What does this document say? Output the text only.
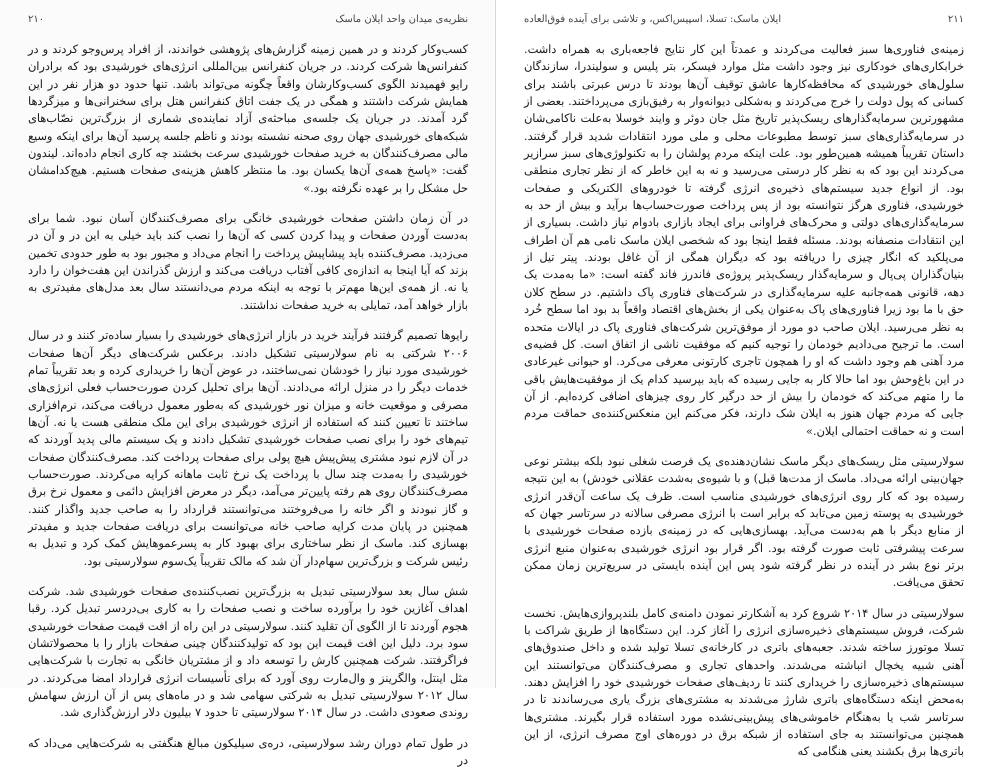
نظریه‌ی میدان واحد ایلان ماسک
۲۱۰

کسب‌وکار کردند و در همین زمینه گزارش‌های پژوهشی خواندند، از افراد پرس‌وجو کردند و در کنفرانس‌ها شرکت کردند. در جریان کنفرانس بین‌المللی انرژی‌های خورشیدی بود که برادران رایو فهمیدند الگوی کسب‌وکارشان واقعاً چگونه می‌تواند باشد. تنها حدود دو هزار نفر در این همایش شرکت داشتند و همگی در یک جفت اتاق کنفرانس هتل برای سخنرانی‌ها و میزگردها گرد آمدند. در جریان یک جلسه‌ی مباحثه‌ی آزاد نماینده‌ی شماری از بزرگ‌ترین نصّاب‌های شبکه‌های خورشیدی جهان روی صحنه نشسته بودند و ناظم جلسه پرسید آن‌ها برای اینکه وسیع مالی مصرف‌کنندگان به خرید صفحات خورشیدی سرعت بخشند چه کاری انجام داده‌اند. لیندون گفت: «پاسخ همه‌ی آن‌ها یکسان بود. ما منتظر کاهش هزینه‌ی صفحات هستیم. هیچ‌کدامشان حل مشکل را بر عهده نگرفته بود.»

در آن زمان داشتن صفحات خورشیدی خانگی برای مصرف‌کنندگان آسان نبود. شما برای به‌دست آوردن صفحات و پیدا کردن کسی که آن‌ها را نصب کند باید خیلی به این در و آن در می‌زدید. مصرف‌کننده باید پیشاپیش پرداخت را انجام می‌داد و مجبور بود به طور حدودی تخمین بزند که آیا اینجا به اندازه‌ی کافی آفتاب دریافت می‌کند و ارزش گذراندن این هفت‌خوان را دارد یا نه. از همه‌ی این‌ها مهم‌تر با توجه به اینکه مردم می‌دانستند سال بعد مدل‌های مفیدتری به بازار خواهد آمد، تمایلی به خرید صفحات نداشتند.

رایوها تصمیم گرفتند فرآیند خرید در بازار انرژی‌های خورشیدی را بسیار ساده‌تر کنند و در سال ۲۰۰۶ شرکتی به نام سولارسیتی تشکیل دادند. برعکس شرکت‌های دیگر آن‌ها صفحات خورشیدی مورد نیاز را خودشان نمی‌ساختند، در عوض آن‌ها را خریداری کرده و بعد تقریباً تمام خدمات دیگر را در منزل ارائه می‌دادند. آن‌ها برای تحلیل کردن صورت‌حساب فعلی انرژی‌های مصرفی و موقعیت خانه و میزان نور خورشیدی که به‌طور معمول دریافت می‌کند، نرم‌افزاری ساختند تا تعیین کنند که استفاده از انرژی خورشیدی برای این ملک منطقی هست یا نه. آن‌ها تیم‌های خود را برای نصب صفحات خورشیدی تشکیل دادند و یک سیستم مالی پدید آوردند که در آن لازم نبود مشتری پیش‌پیش هیچ پولی برای صفحات پرداخت کند. مصرف‌کنندگان صفحات خورشیدی را به‌مدت چند سال با پرداخت یک نرخ ثابت ماهانه کرایه می‌کردند. صورت‌حساب مصرف‌کنندگان روی هم رفته پایین‌تر می‌آمد، دیگر در معرض افزایش دائمی و معمول نرخ برق و گاز نبودند و اگر خانه را می‌فروختند می‌توانستند قرارداد را به صاحب جدید واگذار کنند. همچنین در پایان مدت کرایه صاحب خانه می‌توانست برای دریافت صفحات جدید و مفیدتر بهسازی کند. ماسک از نظر ساختاری برای بهبود کار به پسرعموهایش کمک کرد و تبدیل به رئیس شرکت و بزرگ‌ترین سهام‌دار آن شد که مالک تقریباً یک‌سوم سولارسیتی بود.

شش سال بعد سولارسیتی تبدیل به بزرگ‌ترین نصب‌کننده‌ی صفحات خورشیدی شد. شرکت اهداف آغازین خود را برآورده ساخت و نصب صفحات را به کاری بی‌دردسر تبدیل کرد. رقبا هجوم آوردند تا از الگوی آن تقلید کنند. سولارسیتی در این راه از افت قیمت صفحات خورشیدی سود برد. دلیل این افت قیمت این بود که تولیدکنندگان چینی صفحات بازار را با محصولاتشان فراگرفتند. شرکت همچنین کارش را توسعه داد و از مشتریان خانگی به تجارت با شرکت‌هایی مثل اینتل، والگرینز و وال‌مارت روی آورد که برای تأسیسات انرژی قرارداد امضا می‌کردند. در سال ۲۰۱۲ سولارسیتی تبدیل به شرکتی سهامی شد و در ماه‌های پس از آن ارزش سهامش روندی صعودی داشت. در سال ۲۰۱۴ سولارسیتی تا حدود ۷ بیلیون دلار ارزش‌گذاری شد.

در طول تمام دوران رشد سولارسیتی، دره‌ی سیلیکون مبالغ هنگفتی به شرکت‌هایی می‌داد که در

۲۱۱
ایلان ماسک: تسلا، اسپیس‌اکس، و تلاشی برای آینده فوق‌العاده

زمینه‌ی فناوری‌ها سبز فعالیت می‌کردند و عمدتاً این کار نتایج فاجعه‌باری به همراه داشت. خرابکاری‌های خودکاری نیز وجود داشت مثل موارد فیسکر، بتر پلیس و سولیندرا، سازندگان سلول‌های خورشیدی که محافظه‌کارها عاشق توقیف آن‌ها بودند تا درس عبرتی باشند برای کسانی که پول دولت را خرج می‌کردند و به‌شکلی دیوانه‌وار به رفیق‌بازی می‌پرداختند. بعضی از مشهورترین سرمایه‌گذارهای ریسک‌پذیر تاریخ مثل جان دوئر و وایند خوسلا به‌علت ناکامی‌شان در سرمایه‌گذاری‌های سبز توسط مطبوعات محلی و ملی مورد انتقادات شدید قرار گرفتند. داستان تقریباً همیشه همین‌طور بود. علت اینکه مردم پولشان را به تکنولوژی‌های سبز سرازیر می‌کردند این بود که به نظر کار درستی می‌رسید و نه به این خاطر که از نظر تجاری منطقی بود. از انواع جدید سیستم‌های ذخیره‌ی انرژی گرفته تا خودروهای الکتریکی و صفحات خورشیدی، فناوری هرگز نتوانسته بود از پس پرداخت صورت‌حساب‌ها برآید و بیش از حد به سرمایه‌گذاری‌های دولتی و محرک‌های فراوانی برای ایجاد بازاری بادوام نیاز داشت. بسیاری از این انتقادات منصفانه بودند. مسئله فقط اینجا بود که شخصی ایلان ماسک نامی هم آن اطراف می‌پلکید که انگار چیزی را دریافته بود که دیگران همگی از آن غافل بودند. پیتر تیل از بنیان‌گذاران پی‌پال و سرمایه‌گذار ریسک‌پذیر پروژه‌ی فاندرز فاند گفته است: «ما به‌مدت یک دهه، قانونی همه‌جانبه علیه سرمایه‌گذاری در شرکت‌های فناوری پاک داشتیم. در سطح کلان حق با ما بود زیرا فناوری‌های پاک به‌عنوان یکی از بخش‌های اقتصاد واقعاً بد بود اما سطح خُرد به نظر می‌رسید. ایلان صاحب دو مورد از موفق‌ترین شرکت‌های فناوری پاک در ایالات متحده است. ما ترجیح می‌دادیم خودمان را توجیه کنیم که موفقیت ناشی از اتفاق است. کل قضیه‌ی مرد آهنی هم وجود داشت که او را همچون تاجری کارتونی معرفی می‌کرد. او حیوانی غیرعادی در این باغ‌وحش بود اما حالا کار به جایی رسیده که باید بپرسید کدام یک از موفقیت‌هایش باقی ما را متهم می‌کند که خودمان را بیش از حد درگیر کار روی چیزهای اضافی کرده‌ایم. از آن جایی که مردم جهان هنوز به ایلان شک دارند، فکر می‌کنم این منعکس‌کننده‌ی حماقت مردم است و نه حماقت احتمالی ایلان.»

سولارسیتی مثل ریسک‌های دیگر ماسک نشان‌دهنده‌ی یک فرصت شغلی نبود بلکه بیشتر نوعی جهان‌بینی ارائه می‌داد. ماسک از مدت‌ها قبل) و با شیوه‌ی به‌شدت عقلانی خودش) به این نتیجه رسیده بود که کار روی انرژی‌های خورشیدی مناسب است. ظرف یک ساعت آن‌قدر انرژی خورشیدی به پوسته زمین می‌تابد که برابر است با انرژی مصرفی سالانه در سرتاسر جهان که از منابع دیگر با هم به‌دست می‌آید. بهسازی‌هایی که در زمینه‌ی بازده صفحات خورشیدی با سرعت پیشرفتی ثابت صورت گرفته بود. اگر قرار بود انرژی خورشیدی به‌عنوان منبع انرژی برتر نوع بشر در آینده در نظر گرفته شود پس این آینده بایستی در سریع‌ترین زمان ممکن تحقق می‌یافت.

سولارسیتی در سال ۲۰۱۴ شروع کرد به آشکارتر نمودن دامنه‌ی کامل بلندپروازی‌هایش. نخست شرکت، فروش سیستم‌های ذخیره‌سازی انرژی را آغاز کرد. این دستگاه‌ها از طریق شراکت با تسلا موتورز ساخته شدند. جعبه‌های باتری در کارخانه‌ی تسلا تولید شده و داخل صندوق‌های آهنی شبیه یخچال انباشته می‌شدند. واحدهای تجاری و مصرف‌کنندگان می‌توانستند این سیستم‌های ذخیره‌سازی را خریداری کنند تا ردیف‌های صفحات خورشیدی خود را افزایش دهند. به‌محض اینکه دستگاه‌های باتری شارژ می‌شدند به مشتری‌های بزرگ یاری می‌رساندند تا در سرتاسر شب یا به‌هنگام خاموشی‌های پیش‌بینی‌نشده مورد استفاده قرار بگیرند. مشتری‌ها همچنین می‌توانستند به جای استفاده از شبکه برق در دوره‌های اوج مصرف انرژی، از این باتری‌ها برق بکشند یعنی هنگامی که
